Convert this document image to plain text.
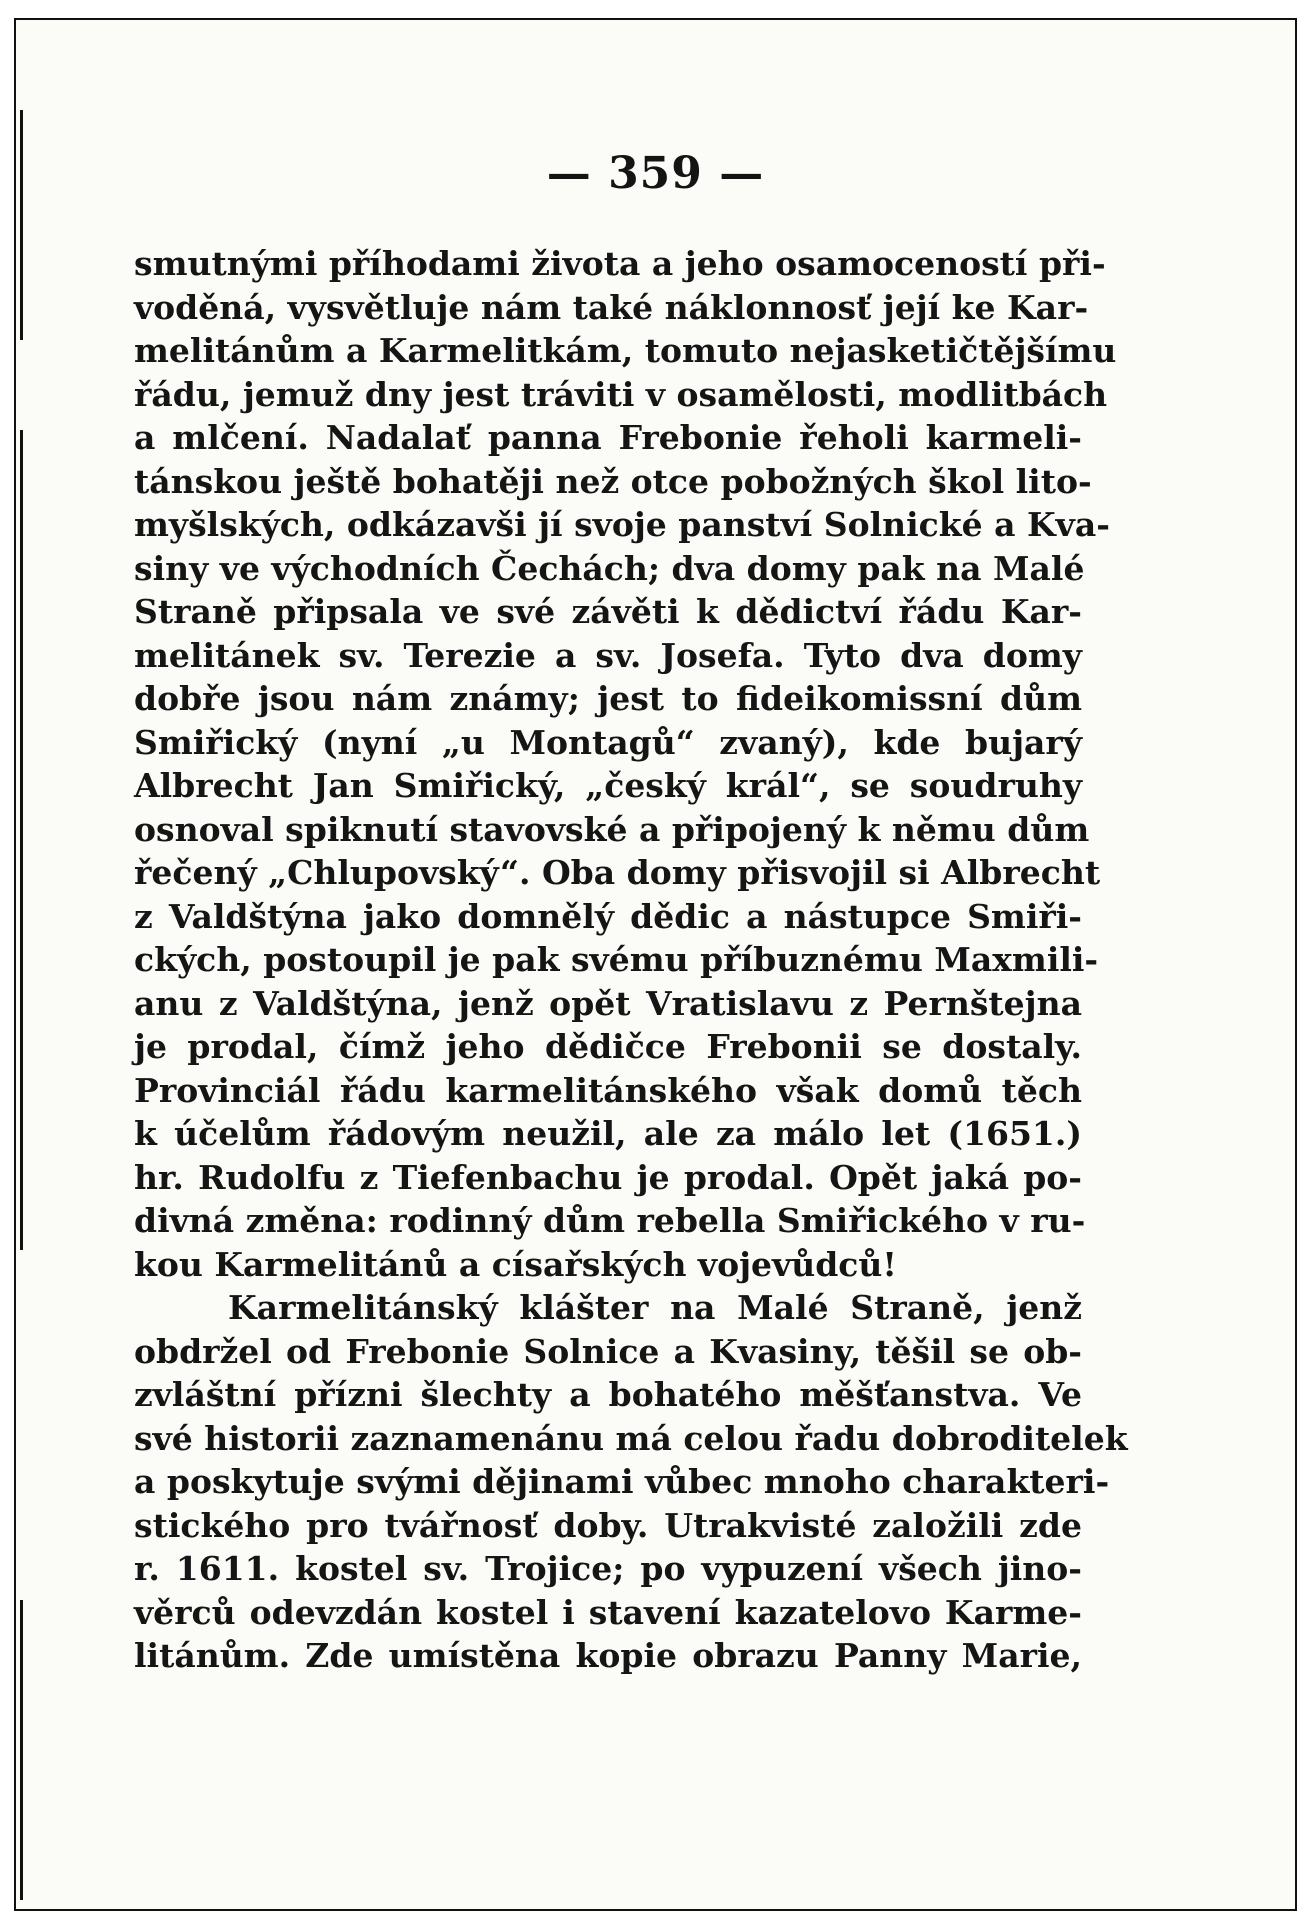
— 359 —
smutnými příhodami života a jeho osamoceností při-
voděná, vysvětluje nám také náklonnosť její ke Kar-
melitánům a Karmelitkám, tomuto nejasketičtějšímu
řádu, jemuž dny jest tráviti v osamělosti, modlitbách
a mlčení. Nadalať panna Frebonie řeholi karmeli-
tánskou ještě bohatěji než otce pobožných škol lito-
myšlských, odkázavši jí svoje panství Solnické a Kva-
siny ve východních Čechách; dva domy pak na Malé
Straně připsala ve své závěti k dědictví řádu Kar-
melitánek sv. Terezie a sv. Josefa. Tyto dva domy
dobře jsou nám známy; jest to fideikomissní dům
Smiřický (nyní „u Montagů“ zvaný), kde bujarý
Albrecht Jan Smiřický, „český král“, se soudruhy
osnoval spiknutí stavovské a připojený k němu dům
řečený „Chlupovský“. Oba domy přisvojil si Albrecht
z Valdštýna jako domnělý dědic a nástupce Smiři-
ckých, postoupil je pak svému příbuznému Maxmili-
anu z Valdštýna, jenž opět Vratislavu z Pernštejna
je prodal, čímž jeho dědičce Frebonii se dostaly.
Provinciál řádu karmelitánského však domů těch
k účelům řádovým neužil, ale za málo let (1651.)
hr. Rudolfu z Tiefenbachu je prodal. Opět jaká po-
divná změna: rodinný dům rebella Smiřického v ru-
kou Karmelitánů a císařských vojevůdců!
Karmelitánský klášter na Malé Straně, jenž
obdržel od Frebonie Solnice a Kvasiny, těšil se ob-
zvláštní přízni šlechty a bohatého měšťanstva. Ve
své historii zaznamenánu má celou řadu dobroditelek
a poskytuje svými dějinami vůbec mnoho charakteri-
stického pro tvářnosť doby. Utrakvisté založili zde
r. 1611. kostel sv. Trojice; po vypuzení všech jino-
věrců odevzdán kostel i stavení kazatelovo Karme-
litánům. Zde umístěna kopie obrazu Panny Marie,
